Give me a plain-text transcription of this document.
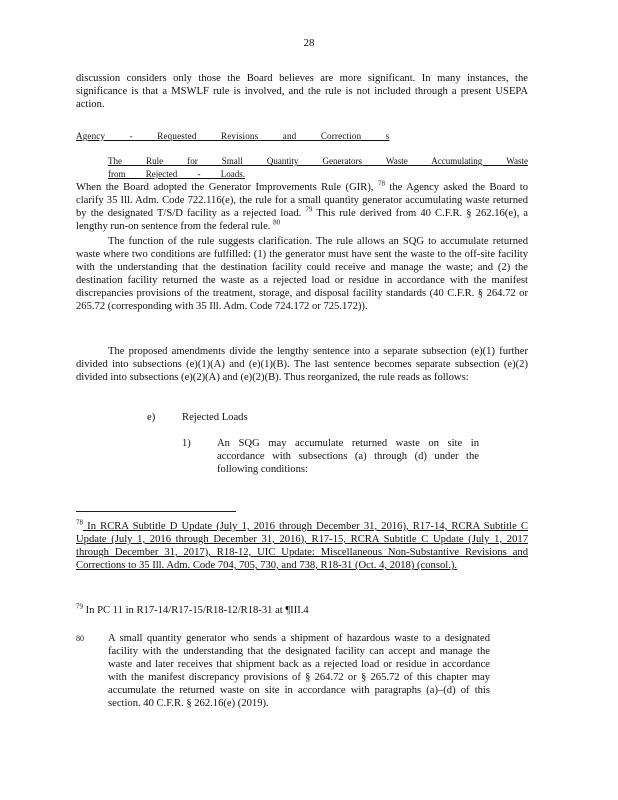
28
discussion considers only those the Board believes are more significant. In many instances, the significance is that a MSWLF rule is involved, and the rule is not included through a present USEPA action.
Agency - Requested Revisions and Correction s
The Rule for Small Quantity Generators Waste Accumulating Waste from Rejected - Loads.
When the Board adopted the Generator Improvements Rule (GIR), $^{78}$ the Agency asked the Board to clarify 35 Ill. Adm. Code 722.116(e), the rule for a small quantity generator accumulating waste returned by the designated T/S/D facility as a rejected load. $^{79}$ This rule derived from 40 C.F.R. § 262.16(e), a lengthy run-on sentence from the federal rule. $^{80}$
The function of the rule suggests clarification. The rule allows an SQG to accumulate returned waste where two conditions are fulfilled: (1) the generator must have sent the waste to the off-site facility with the understanding that the destination facility could receive and manage the waste; and (2) the destination facility returned the waste as a rejected load or residue in accordance with the manifest discrepancies provisions of the treatment, storage, and disposal facility standards (40 C.F.R. § 264.72 or 265.72 (corresponding with 35 Ill. Adm. Code 724.172 or 725.172)).
The proposed amendments divide the lengthy sentence into a separate subsection (e)(1) further divided into subsections (e)(1)(A) and (e)(1)(B). The last sentence becomes separate subsection (e)(2) divided into subsections (e)(2)(A) and (e)(2)(B). Thus reorganized, the rule reads as follows:
e)	Rejected Loads
1) An SQG may accumulate returned waste on site in accordance with subsections (a) through (d) under the following conditions:
$^{78}$ In RCRA Subtitle D Update (July 1, 2016 through December 31, 2016), R17-14, RCRA Subtitle C Update (July 1, 2016 through December 31, 2016), R17-15, RCRA Subtitle C Update (July 1, 2017 through December 31, 2017), R18-12, UIC Update: Miscellaneous Non-Substantive Revisions and Corrections to 35 Ill. Adm. Code 704, 705, 730, and 738, R18-31 (Oct. 4, 2018) (consol.).
$^{79}$ In PC 11 in R17-14/R17-15/R18-12/R18-31 at ¶III.4
80 A small quantity generator who sends a shipment of hazardous waste to a designated facility with the understanding that the designated facility can accept and manage the waste and later receives that shipment back as a rejected load or residue in accordance with the manifest discrepancy provisions of § 264.72 or § 265.72 of this chapter may accumulate the returned waste on site in accordance with paragraphs (a)–(d) of this section. 40 C.F.R. § 262.16(e) (2019).
